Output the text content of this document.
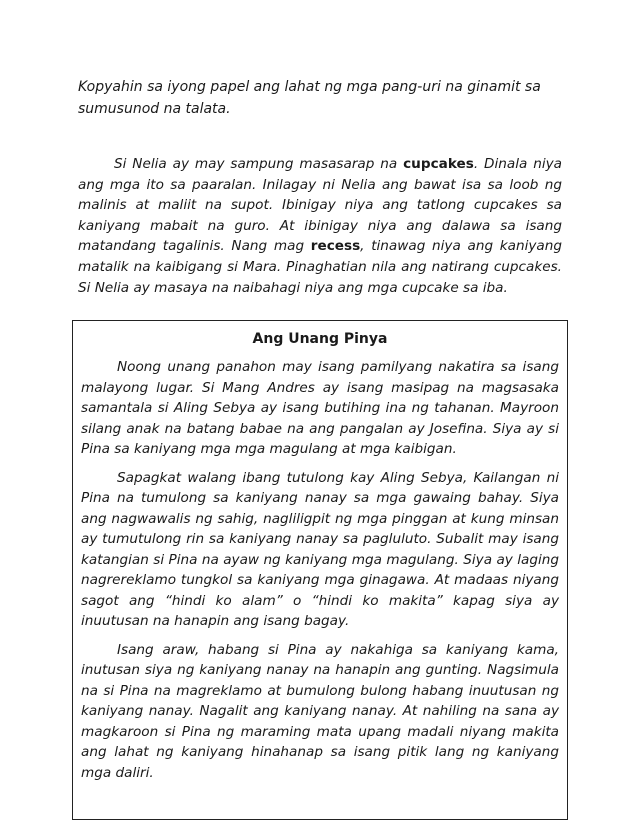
Kopyahin sa iyong papel ang lahat ng mga pang-uri na ginamit sa sumusunod na talata.

Si Nelia ay may sampung masasarap na cupcakes. Dinala niya ang mga ito sa paaralan. Inilagay ni Nelia ang bawat isa sa loob ng malinis at maliit na supot. Ibinigay niya ang tatlong cupcakes sa kaniyang mabait na guro. At ibinigay niya ang dalawa sa isang matandang tagalinis. Nang mag recess, tinawag niya ang kaniyang matalik na kaibigang si Mara. Pinaghatian nila ang natirang cupcakes. Si Nelia ay masaya na naibahagi niya ang mga cupcake sa iba.

Ang Unang Pinya

Noong unang panahon may isang pamilyang nakatira sa isang malayong lugar. Si Mang Andres ay isang masipag na magsasaka samantala si Aling Sebya ay isang butihing ina ng tahanan. Mayroon silang anak na batang babae na ang pangalan ay Josefina. Siya ay si Pina sa kaniyang mga mga magulang at mga kaibigan.

Sapagkat walang ibang tutulong kay Aling Sebya, Kailangan ni Pina na tumulong sa kaniyang nanay sa mga gawaing bahay. Siya ang nagwawalis ng sahig, nagliligpit ng mga pinggan at kung minsan ay tumutulong rin sa kaniyang nanay sa pagluluto. Subalit may isang katangian si Pina na ayaw ng kaniyang mga magulang. Siya ay laging nagrereklamo tungkol sa kaniyang mga ginagawa. At madaas niyang sagot ang “hindi ko alam” o “hindi ko makita” kapag siya ay inuutusan na hanapin ang isang bagay.

Isang araw, habang si Pina ay nakahiga sa kaniyang kama, inutusan siya ng kaniyang nanay na hanapin ang gunting. Nagsimula na si Pina na magreklamo at bumulong bulong habang inuutusan ng kaniyang nanay. Nagalit ang kaniyang nanay. At nahiling na sana ay magkaroon si Pina ng maraming mata upang madali niyang makita ang lahat ng kaniyang hinahanap sa isang pitik lang ng kaniyang mga daliri.
